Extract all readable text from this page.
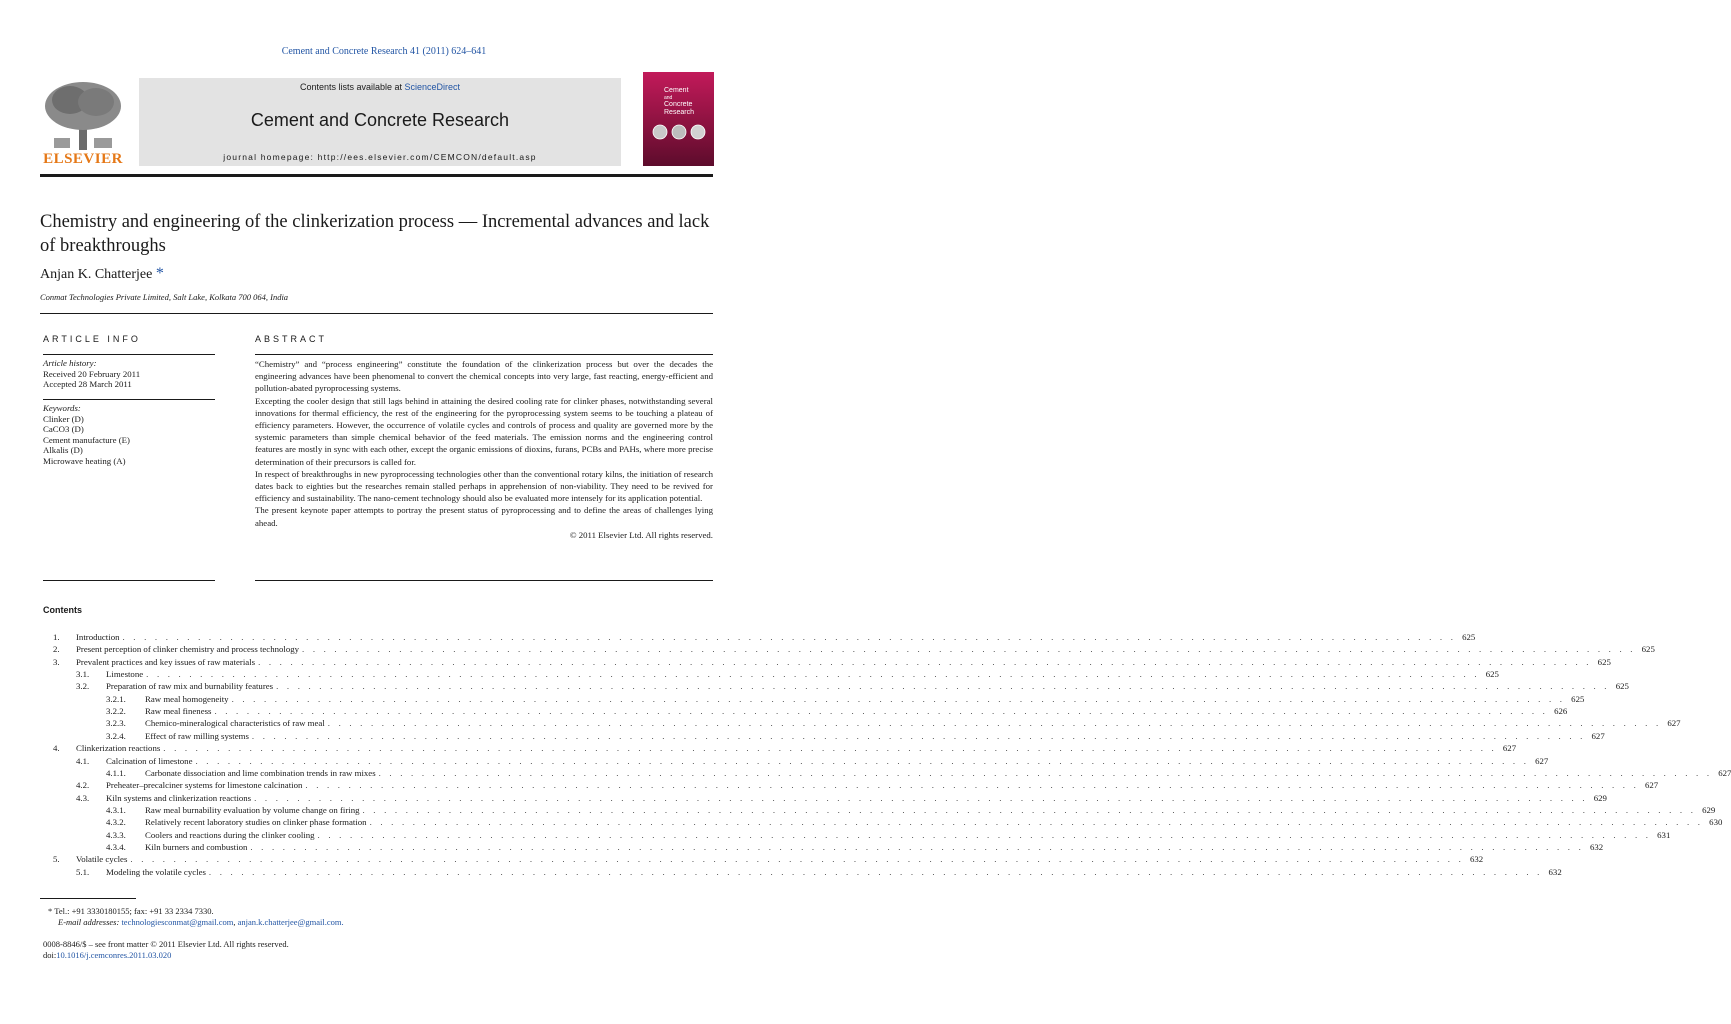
Cement and Concrete Research 41 (2011) 624–641
ELSEVIER
Contents lists available at ScienceDirect
Cement and Concrete Research
journal homepage: http://ees.elsevier.com/CEMCON/default.asp
Cement
and
Concrete
Research
Chemistry and engineering of the clinkerization process — Incremental advances and lack of breakthroughs
Anjan K. Chatterjee *
Conmat Technologies Private Limited, Salt Lake, Kolkata 700 064, India
ARTICLE INFO	ABSTRACT
Article history:
Received 20 February 2011
Accepted 28 March 2011
Keywords:
Clinker (D)
CaCO3 (D)
Cement manufacture (E)
Alkalis (D)
Microwave heating (A)

“Chemistry” and “process engineering” constitute the foundation of the clinkerization process but over the decades the engineering advances have been phenomenal to convert the chemical concepts into very large, fast reacting, energy-efficient and pollution-abated pyroprocessing systems.

Excepting the cooler design that still lags behind in attaining the desired cooling rate for clinker phases, notwithstanding several innovations for thermal efficiency, the rest of the engineering for the pyroprocessing system seems to be touching a plateau of efficiency parameters. However, the occurrence of volatile cycles and controls of process and quality are governed more by the systemic parameters than simple chemical behavior of the feed materials. The emission norms and the engineering control features are mostly in sync with each other, except the organic emissions of dioxins, furans, PCBs and PAHs, where more precise determination of their precursors is called for.

In respect of breakthroughs in new pyroprocessing technologies other than the conventional rotary kilns, the initiation of research dates back to eighties but the researches remain stalled perhaps in apprehension of non-viability. They need to be revived for efficiency and sustainability. The nano-cement technology should also be evaluated more intensely for its application potential.

The present keynote paper attempts to portray the present status of pyroprocessing and to define the areas of challenges lying ahead.

© 2011 Elsevier Ltd. All rights reserved.

Contents
1. Introduction . . . . . . . . . . . . . . . . . . . . . . . . . . . . . . . . . . . . . . . . . . . . . . . . . . . . . . . . . . . . . . . . . . . . . . . . . . . . . . . . . . . . . . . . . . . . . . . . . . . . . . . . . . . . . . . . . . . . . . . . . . . . 625
2. Present perception of clinker chemistry and process technology . . . . . . . . . . . . . . . . . . . . . . . . . . . . . . . . . . . . . . . . . . . . . . . . . . . . . . . . . . . . . . . . . . . . . . . . . . . . . . . . . . . . . . . . . . . . . . . . . . . . . . . . . . . . . . . . . . . . . . . . . . . . 625
3. Prevalent practices and key issues of raw materials . . . . . . . . . . . . . . . . . . . . . . . . . . . . . . . . . . . . . . . . . . . . . . . . . . . . . . . . . . . . . . . . . . . . . . . . . . . . . . . . . . . . . . . . . . . . . . . . . . . . . . . . . . . . . . . . . . . . . . . . . . . . 625
3.1. Limestone . . . . . . . . . . . . . . . . . . . . . . . . . . . . . . . . . . . . . . . . . . . . . . . . . . . . . . . . . . . . . . . . . . . . . . . . . . . . . . . . . . . . . . . . . . . . . . . . . . . . . . . . . . . . . . . . . . . . . . . . . . . . 625
3.2. Preparation of raw mix and burnability features . . . . . . . . . . . . . . . . . . . . . . . . . . . . . . . . . . . . . . . . . . . . . . . . . . . . . . . . . . . . . . . . . . . . . . . . . . . . . . . . . . . . . . . . . . . . . . . . . . . . . . . . . . . . . . . . . . . . . . . . . . . . 625
3.2.1. Raw meal homogeneity . . . . . . . . . . . . . . . . . . . . . . . . . . . . . . . . . . . . . . . . . . . . . . . . . . . . . . . . . . . . . . . . . . . . . . . . . . . . . . . . . . . . . . . . . . . . . . . . . . . . . . . . . . . . . . . . . . . . . . . . . . . . 625
3.2.2. Raw meal fineness . . . . . . . . . . . . . . . . . . . . . . . . . . . . . . . . . . . . . . . . . . . . . . . . . . . . . . . . . . . . . . . . . . . . . . . . . . . . . . . . . . . . . . . . . . . . . . . . . . . . . . . . . . . . . . . . . . . . . . . . . . . . 626
3.2.3. Chemico-mineralogical characteristics of raw meal . . . . . . . . . . . . . . . . . . . . . . . . . . . . . . . . . . . . . . . . . . . . . . . . . . . . . . . . . . . . . . . . . . . . . . . . . . . . . . . . . . . . . . . . . . . . . . . . . . . . . . . . . . . . . . . . . . . . . . . . . . . . 627
3.2.4. Effect of raw milling systems . . . . . . . . . . . . . . . . . . . . . . . . . . . . . . . . . . . . . . . . . . . . . . . . . . . . . . . . . . . . . . . . . . . . . . . . . . . . . . . . . . . . . . . . . . . . . . . . . . . . . . . . . . . . . . . . . . . . . . . . . . . . 627
4. Clinkerization reactions . . . . . . . . . . . . . . . . . . . . . . . . . . . . . . . . . . . . . . . . . . . . . . . . . . . . . . . . . . . . . . . . . . . . . . . . . . . . . . . . . . . . . . . . . . . . . . . . . . . . . . . . . . . . . . . . . . . . . . . . . . . . 627
4.1. Calcination of limestone . . . . . . . . . . . . . . . . . . . . . . . . . . . . . . . . . . . . . . . . . . . . . . . . . . . . . . . . . . . . . . . . . . . . . . . . . . . . . . . . . . . . . . . . . . . . . . . . . . . . . . . . . . . . . . . . . . . . . . . . . . . . 627
4.1.1. Carbonate dissociation and lime combination trends in raw mixes . . . . . . . . . . . . . . . . . . . . . . . . . . . . . . . . . . . . . . . . . . . . . . . . . . . . . . . . . . . . . . . . . . . . . . . . . . . . . . . . . . . . . . . . . . . . . . . . . . . . . . . . . . . . . . . . . . . . . . . . . . . . 627
4.2. Preheater–precalciner systems for limestone calcination . . . . . . . . . . . . . . . . . . . . . . . . . . . . . . . . . . . . . . . . . . . . . . . . . . . . . . . . . . . . . . . . . . . . . . . . . . . . . . . . . . . . . . . . . . . . . . . . . . . . . . . . . . . . . . . . . . . . . . . . . . . . 627
4.3. Kiln systems and clinkerization reactions . . . . . . . . . . . . . . . . . . . . . . . . . . . . . . . . . . . . . . . . . . . . . . . . . . . . . . . . . . . . . . . . . . . . . . . . . . . . . . . . . . . . . . . . . . . . . . . . . . . . . . . . . . . . . . . . . . . . . . . . . . . . 629
4.3.1. Raw meal burnability evaluation by volume change on firing . . . . . . . . . . . . . . . . . . . . . . . . . . . . . . . . . . . . . . . . . . . . . . . . . . . . . . . . . . . . . . . . . . . . . . . . . . . . . . . . . . . . . . . . . . . . . . . . . . . . . . . . . . . . . . . . . . . . . . . . . . . . 629
4.3.2. Relatively recent laboratory studies on clinker phase formation . . . . . . . . . . . . . . . . . . . . . . . . . . . . . . . . . . . . . . . . . . . . . . . . . . . . . . . . . . . . . . . . . . . . . . . . . . . . . . . . . . . . . . . . . . . . . . . . . . . . . . . . . . . . . . . . . . . . . . . . . . . . 630
4.3.3. Coolers and reactions during the clinker cooling . . . . . . . . . . . . . . . . . . . . . . . . . . . . . . . . . . . . . . . . . . . . . . . . . . . . . . . . . . . . . . . . . . . . . . . . . . . . . . . . . . . . . . . . . . . . . . . . . . . . . . . . . . . . . . . . . . . . . . . . . . . . 631
4.3.4. Kiln burners and combustion . . . . . . . . . . . . . . . . . . . . . . . . . . . . . . . . . . . . . . . . . . . . . . . . . . . . . . . . . . . . . . . . . . . . . . . . . . . . . . . . . . . . . . . . . . . . . . . . . . . . . . . . . . . . . . . . . . . . . . . . . . . . 632
5. Volatile cycles . . . . . . . . . . . . . . . . . . . . . . . . . . . . . . . . . . . . . . . . . . . . . . . . . . . . . . . . . . . . . . . . . . . . . . . . . . . . . . . . . . . . . . . . . . . . . . . . . . . . . . . . . . . . . . . . . . . . . . . . . . . . 632
5.1. Modeling the volatile cycles . . . . . . . . . . . . . . . . . . . . . . . . . . . . . . . . . . . . . . . . . . . . . . . . . . . . . . . . . . . . . . . . . . . . . . . . . . . . . . . . . . . . . . . . . . . . . . . . . . . . . . . . . . . . . . . . . . . . . . . . . . . . 632
* Tel.: +91 3330180155; fax: +91 33 2334 7330.
E-mail addresses: technologiesconmat@gmail.com, anjan.k.chatterjee@gmail.com.
0008-8846/$ – see front matter © 2011 Elsevier Ltd. All rights reserved.
doi:10.1016/j.cemconres.2011.03.020
